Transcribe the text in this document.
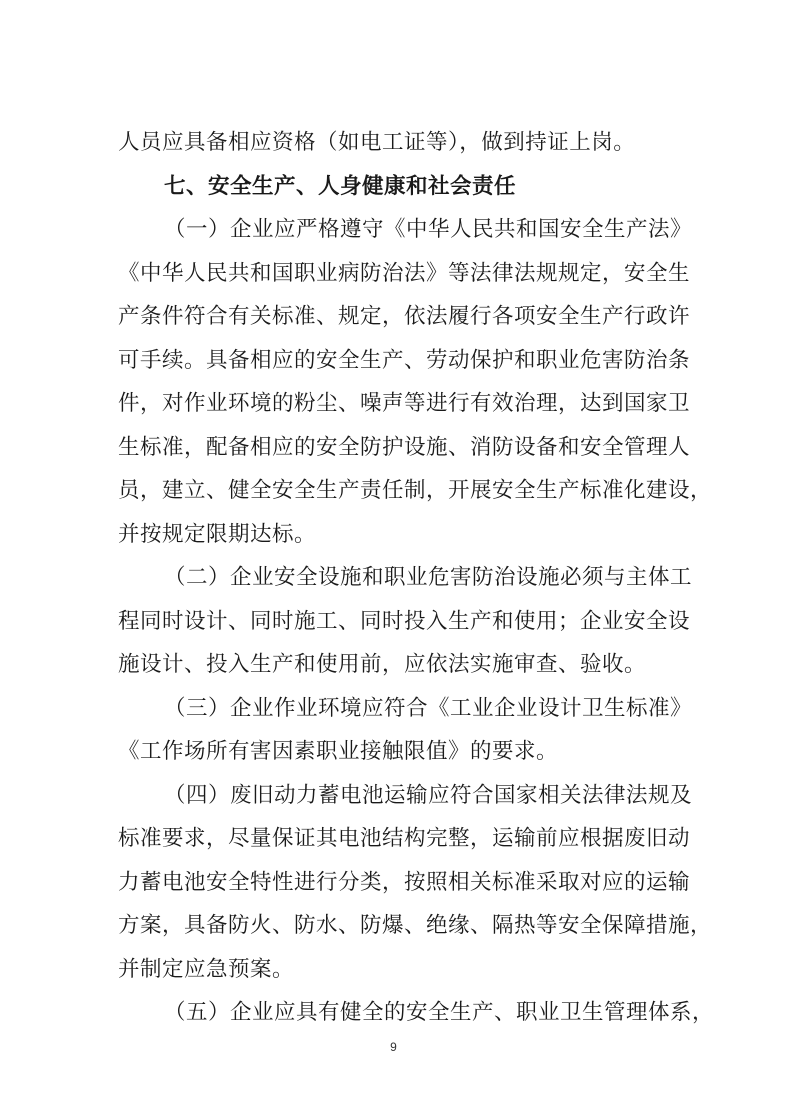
人员应具备相应资格（如电工证等），做到持证上岗。
七、安全生产、人身健康和社会责任
（一）企业应严格遵守《中华人民共和国安全生产法》
《中华人民共和国职业病防治法》等法律法规规定，安全生
产条件符合有关标准、规定，依法履行各项安全生产行政许
可手续。具备相应的安全生产、劳动保护和职业危害防治条
件，对作业环境的粉尘、噪声等进行有效治理，达到国家卫
生标准，配备相应的安全防护设施、消防设备和安全管理人
员，建立、健全安全生产责任制，开展安全生产标准化建设，
并按规定限期达标。
（二）企业安全设施和职业危害防治设施必须与主体工
程同时设计、同时施工、同时投入生产和使用；企业安全设
施设计、投入生产和使用前，应依法实施审查、验收。
（三）企业作业环境应符合《工业企业设计卫生标准》
《工作场所有害因素职业接触限值》的要求。
（四）废旧动力蓄电池运输应符合国家相关法律法规及
标准要求，尽量保证其电池结构完整，运输前应根据废旧动
力蓄电池安全特性进行分类，按照相关标准采取对应的运输
方案，具备防火、防水、防爆、绝缘、隔热等安全保障措施，
并制定应急预案。
（五）企业应具有健全的安全生产、职业卫生管理体系，
9
